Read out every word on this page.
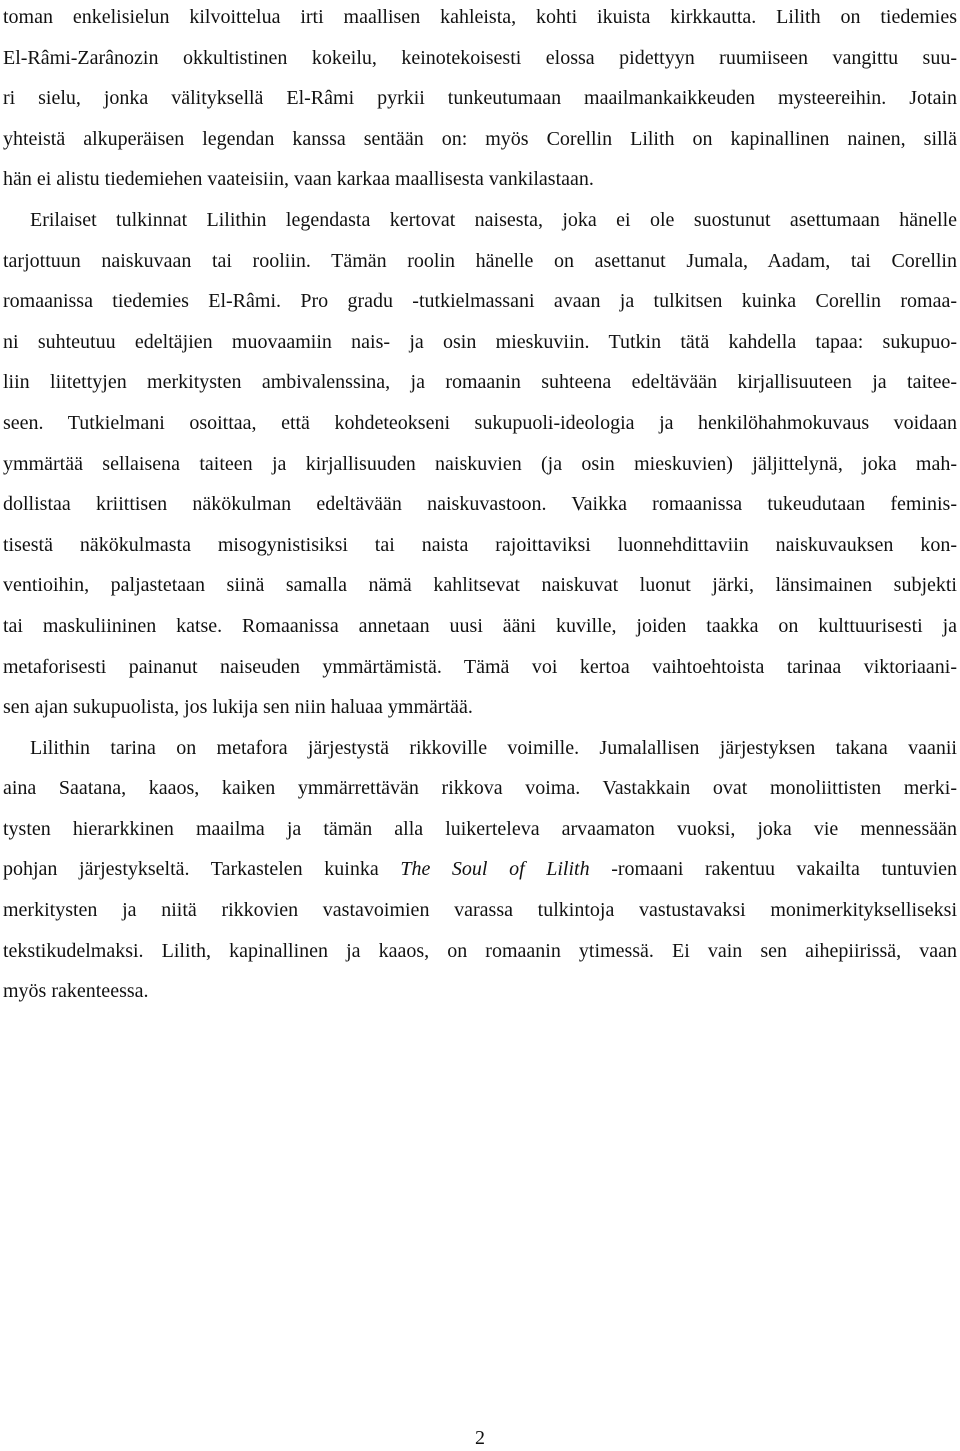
toman enkelisielun kilvoittelua irti maallisen kahleista, kohti ikuista kirkkautta. Lilith on tiedemies
El-Râmi-Zarânozin okkultistinen kokeilu, keinotekoisesti elossa pidettyyn ruumiiseen vangittu suu-
ri sielu, jonka välityksellä El-Râmi pyrkii tunkeutumaan maailmankaikkeuden mysteereihin. Jotain
yhteistä alkuperäisen legendan kanssa sentään on: myös Corellin Lilith on kapinallinen nainen, sillä
hän ei alistu tiedemiehen vaateisiin, vaan karkaa maallisesta vankilastaan.
Erilaiset tulkinnat Lilithin legendasta kertovat naisesta, joka ei ole suostunut asettumaan hänelle
tarjottuun naiskuvaan tai rooliin. Tämän roolin hänelle on asettanut Jumala, Aadam, tai Corellin
romaanissa tiedemies El-Râmi. Pro gradu -tutkielmassani avaan ja tulkitsen kuinka Corellin romaa-
ni suhteutuu edeltäjien muovaamiin nais- ja osin mieskuviin. Tutkin tätä kahdella tapaa: sukupuo-
liin liitettyjen merkitysten ambivalenssina, ja romaanin suhteena edeltävään kirjallisuuteen ja taitee-
seen. Tutkielmani osoittaa, että kohdeteokseni sukupuoli-ideologia ja henkilöhahmokuvaus voidaan
ymmärtää sellaisena taiteen ja kirjallisuuden naiskuvien (ja osin mieskuvien) jäljittelynä, joka mah-
dollistaa kriittisen näkökulman edeltävään naiskuvastoon. Vaikka romaanissa tukeudutaan feminis-
tisestä näkökulmasta misogynistisiksi tai naista rajoittaviksi luonnehdittaviin naiskuvauksen kon-
ventioihin, paljastetaan siinä samalla nämä kahlitsevat naiskuvat luonut järki, länsimainen subjekti
tai maskuliininen katse. Romaanissa annetaan uusi ääni kuville, joiden taakka on kulttuurisesti ja
metaforisesti painanut naiseuden ymmärtämistä. Tämä voi kertoa vaihtoehtoista tarinaa viktoriaani-
sen ajan sukupuolista, jos lukija sen niin haluaa ymmärtää.
Lilithin tarina on metafora järjestystä rikkoville voimille. Jumalallisen järjestyksen takana vaanii
aina Saatana, kaaos, kaiken ymmärrettävän rikkova voima. Vastakkain ovat monoliittisten merki-
tysten hierarkkinen maailma ja tämän alla luikerteleva arvaamaton vuoksi, joka vie mennessään
pohjan järjestykseltä. Tarkastelen kuinka The Soul of Lilith -romaani rakentuu vakailta tuntuvien
merkitysten ja niitä rikkovien vastavoimien varassa tulkintoja vastustavaksi monimerkitykselliseksi
tekstikudelmaksi. Lilith, kapinallinen ja kaaos, on romaanin ytimessä. Ei vain sen aihepiirissä, vaan
myös rakenteessa.
2
